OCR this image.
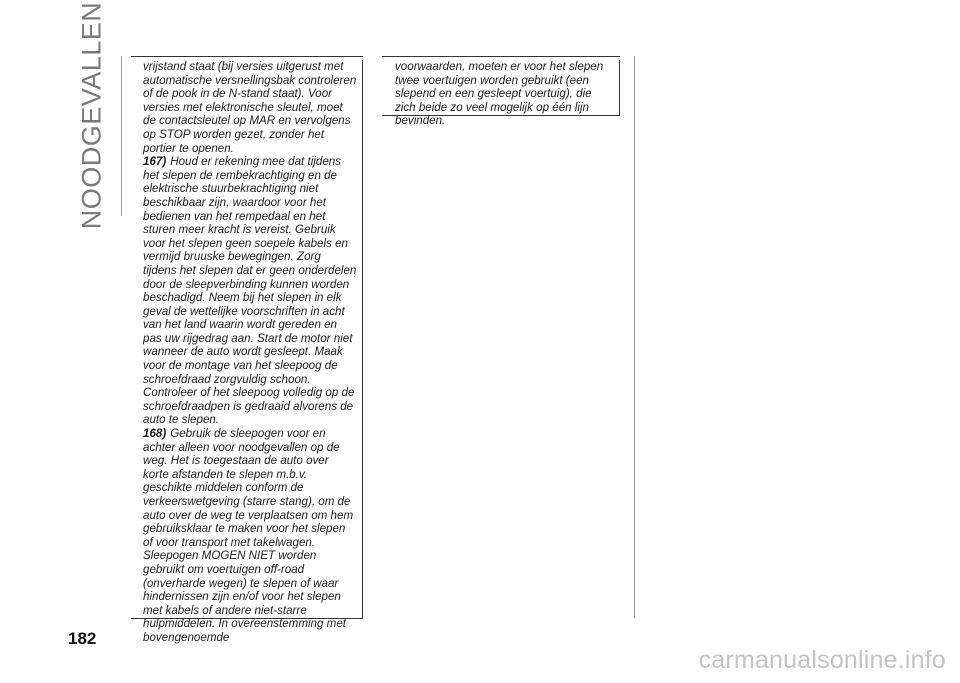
NOODGEVALLEN	vrijstand staat (bij versies uitgerust met automatische versnellingsbak controleren of de pook in de N-stand staat). Voor versies met elektronische sleutel, moet de contactsleutel op MAR en vervolgens op STOP worden gezet, zonder het portier te openen.

167) Houd er rekening mee dat tijdens het slepen de rembekrachtiging en de elektrische stuurbekrachtiging niet beschikbaar zijn, waardoor voor het bedienen van het rempedaal en het sturen meer kracht is vereist. Gebruik voor het slepen geen soepele kabels en vermijd bruuske bewegingen. Zorg tijdens het slepen dat er geen onderdelen door de sleepverbinding kunnen worden beschadigd. Neem bij het slepen in elk geval de wettelijke voorschriften in acht van het land waarin wordt gereden en pas uw rijgedrag aan. Start de motor niet wanneer de auto wordt gesleept. Maak voor de montage van het sleepoog de schroefdraad zorgvuldig schoon. Controleer of het sleepoog volledig op de schroefdraadpen is gedraaid alvorens de auto te slepen.

168) Gebruik de sleepogen voor en achter alleen voor noodgevallen op de weg. Het is toegestaan de auto over korte afstanden te slepen m.b.v. geschikte middelen conform de verkeerswetgeving (starre stang), om de auto over de weg te verplaatsen om hem gebruiksklaar te maken voor het slepen of voor transport met takelwagen. Sleepogen MOGEN NIET worden gebruikt om voertuigen off-road (onverharde wegen) te slepen of waar hindernissen zijn en/of voor het slepen met kabels of andere niet-starre hulpmiddelen. In overeenstemming met bovengenoemde

voorwaarden, moeten er voor het slepen twee voertuigen worden gebruikt (een slepend en een gesleept voertuig), die zich beide zo veel mogelijk op één lijn bevinden.

182
carmanualsonline.info
